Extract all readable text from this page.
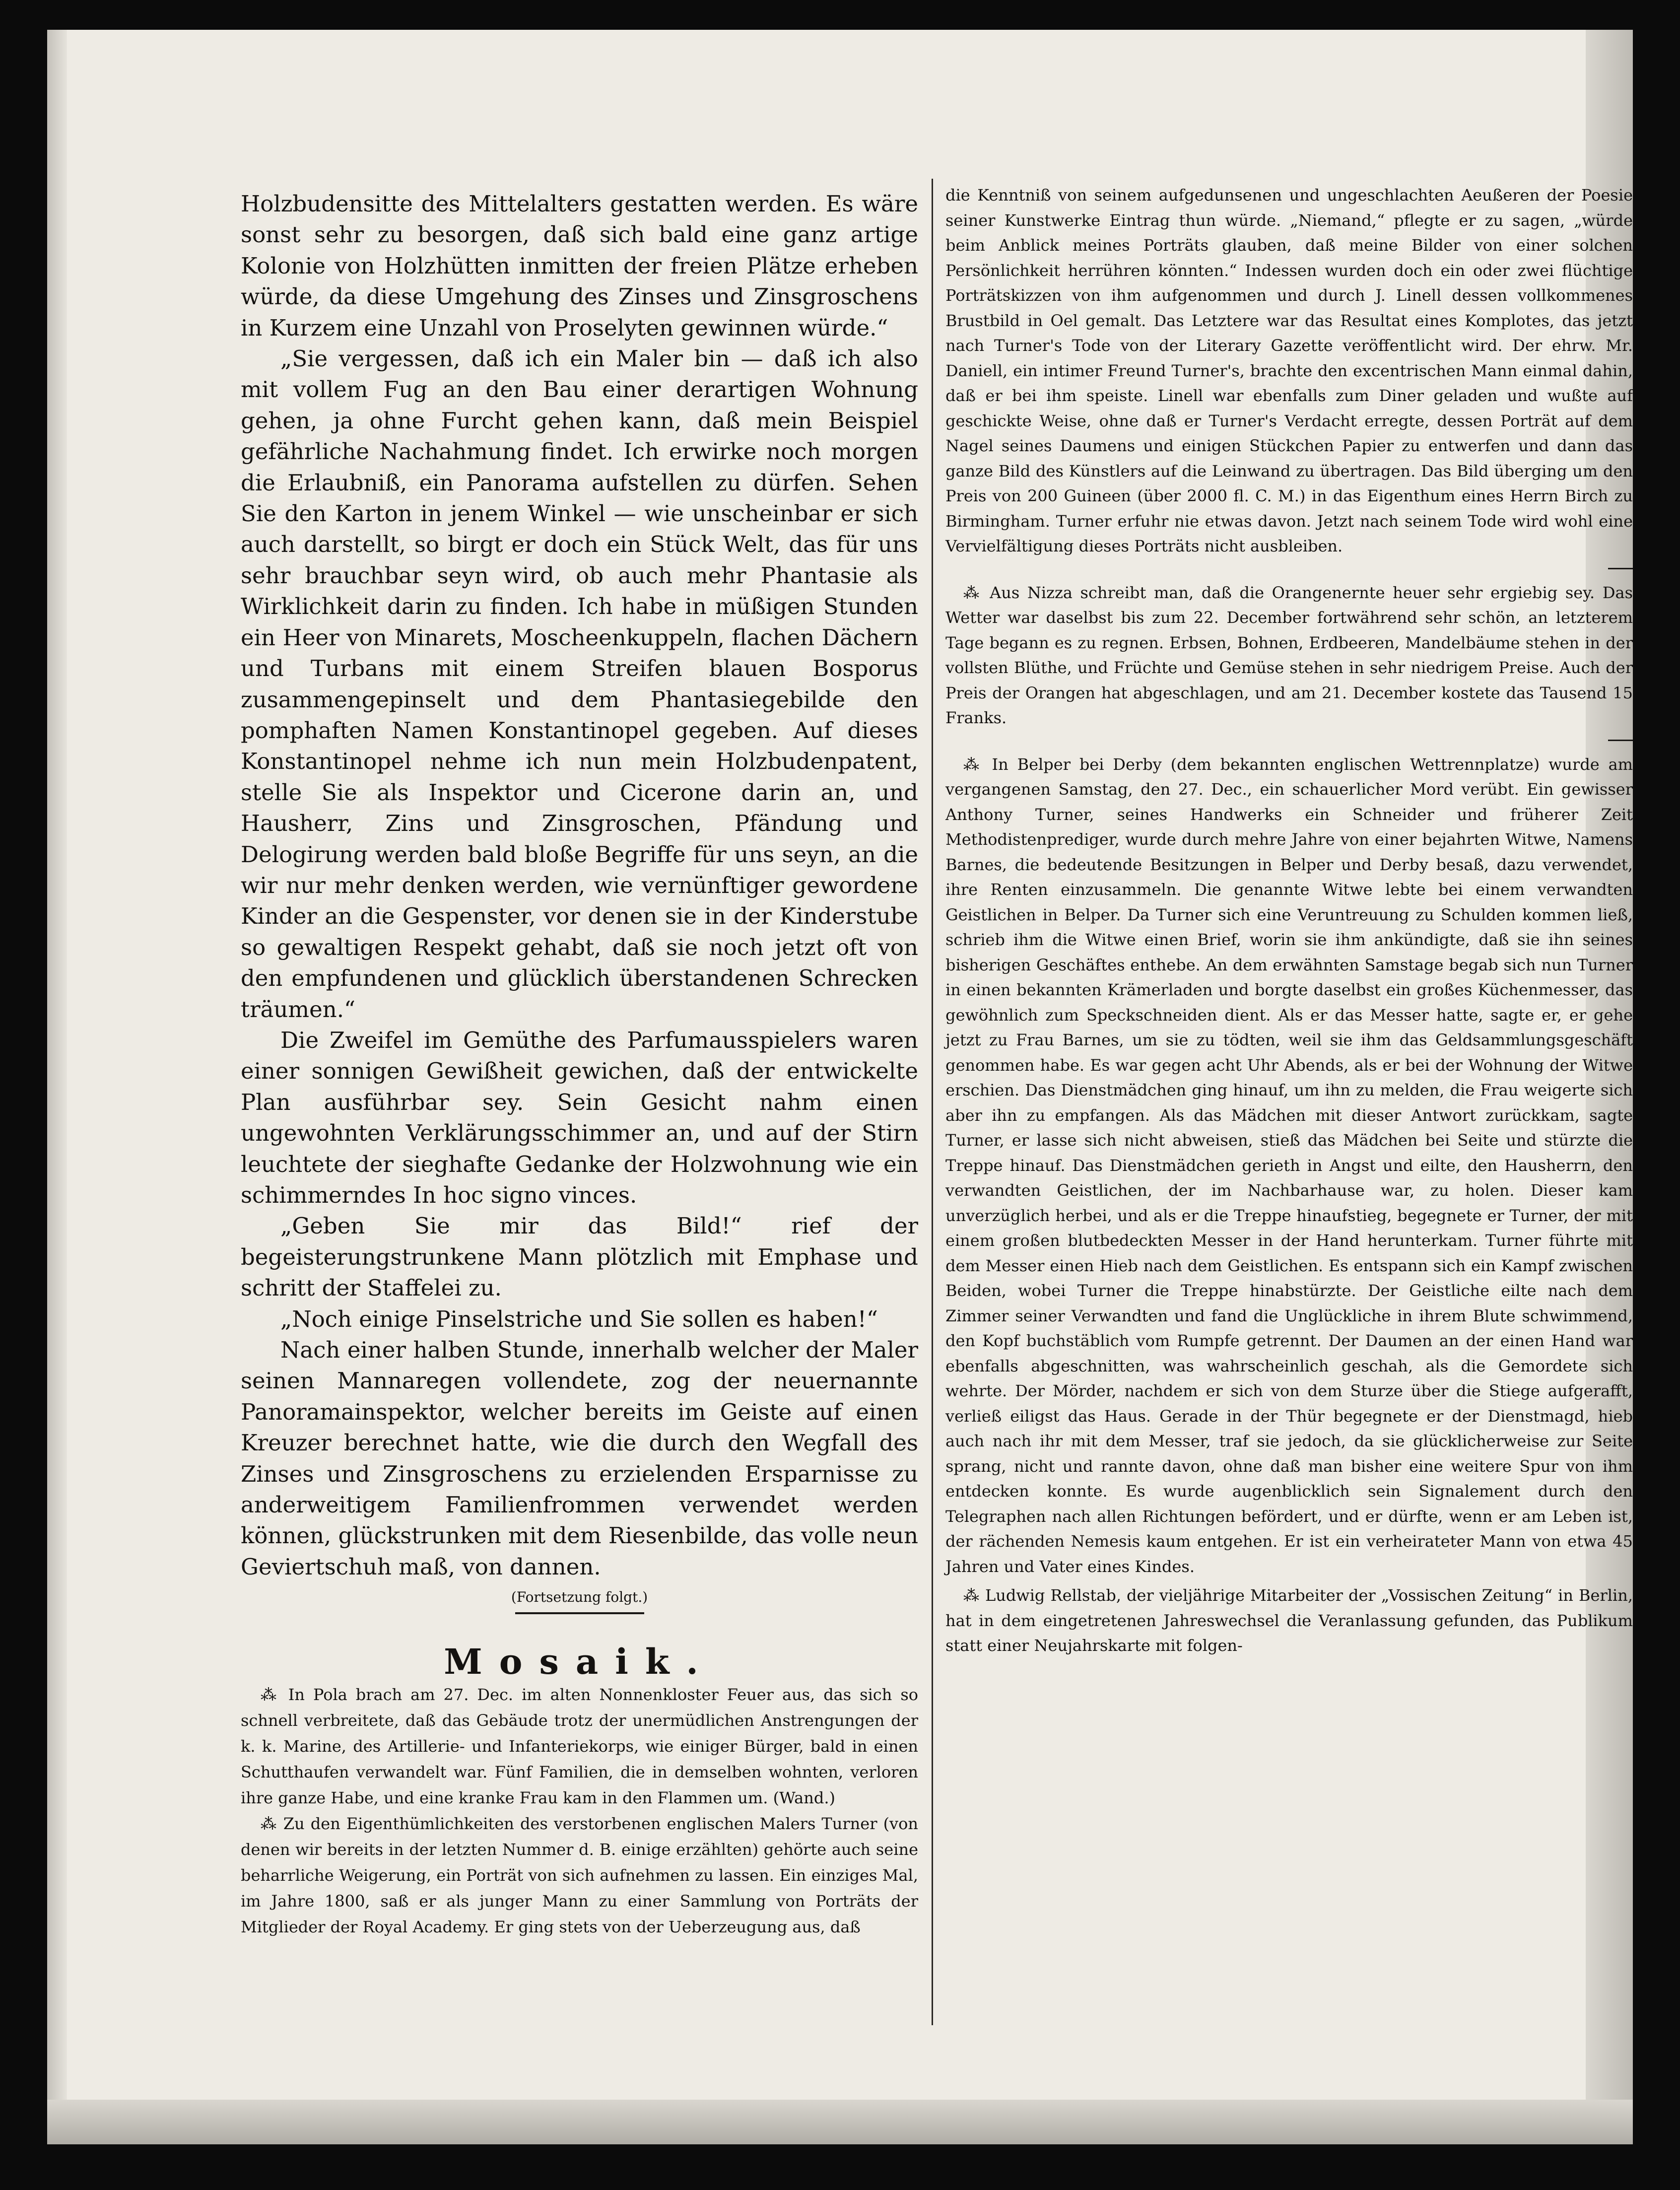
Holzbudensitte des Mittelalters gestatten werden. Es wäre sonst sehr zu besorgen, daß sich bald eine ganz artige Kolonie von Holzhütten inmitten der freien Plätze erheben würde, da diese Umgehung des Zinses und Zinsgroschens in Kurzem eine Unzahl von Proselyten gewinnen würde.“

„Sie vergessen, daß ich ein Maler bin — daß ich also mit vollem Fug an den Bau einer derartigen Wohnung gehen, ja ohne Furcht gehen kann, daß mein Beispiel gefährliche Nachahmung findet. Ich erwirke noch morgen die Erlaubniß, ein Panorama aufstellen zu dürfen. Sehen Sie den Karton in jenem Winkel — wie unscheinbar er sich auch darstellt, so birgt er doch ein Stück Welt, das für uns sehr brauchbar seyn wird, ob auch mehr Phantasie als Wirklichkeit darin zu finden. Ich habe in müßigen Stunden ein Heer von Minarets, Moscheenkuppeln, flachen Dächern und Turbans mit einem Streifen blauen Bosporus zusammengepinselt und dem Phantasiegebilde den pomphaften Namen Konstantinopel gegeben. Auf dieses Konstantinopel nehme ich nun mein Holzbudenpatent, stelle Sie als Inspektor und Cicerone darin an, und Hausherr, Zins und Zinsgroschen, Pfändung und Delogirung werden bald bloße Begriffe für uns seyn, an die wir nur mehr denken werden, wie vernünftiger gewordene Kinder an die Gespenster, vor denen sie in der Kinderstube so gewaltigen Respekt gehabt, daß sie noch jetzt oft von den empfundenen und glücklich überstandenen Schrecken träumen.“

Die Zweifel im Gemüthe des Parfumausspielers waren einer sonnigen Gewißheit gewichen, daß der entwickelte Plan ausführbar sey. Sein Gesicht nahm einen ungewohnten Verklärungsschimmer an, und auf der Stirn leuchtete der sieghafte Gedanke der Holzwohnung wie ein schimmerndes In hoc signo vinces.

„Geben Sie mir das Bild!“ rief der begeisterungstrunkene Mann plötzlich mit Emphase und schritt der Staffelei zu.

„Noch einige Pinselstriche und Sie sollen es haben!“

Nach einer halben Stunde, innerhalb welcher der Maler seinen Mannaregen vollendete, zog der neuernannte Panoramainspektor, welcher bereits im Geiste auf einen Kreuzer berechnet hatte, wie die durch den Wegfall des Zinses und Zinsgroschens zu erzielenden Ersparnisse zu anderweitigem Familienfrommen verwendet werden können, glückstrunken mit dem Riesenbilde, das volle neun Geviertschuh maß, von dannen.

(Fortsetzung folgt.)

Mosaik.

⁂ In Pola brach am 27. Dec. im alten Nonnenkloster Feuer aus, das sich so schnell verbreitete, daß das Gebäude trotz der unermüdlichen Anstrengungen der k. k. Marine, des Artillerie- und Infanteriekorps, wie einiger Bürger, bald in einen Schutthaufen verwandelt war. Fünf Familien, die in demselben wohnten, verloren ihre ganze Habe, und eine kranke Frau kam in den Flammen um. (Wand.)

⁂ Zu den Eigenthümlichkeiten des verstorbenen englischen Malers Turner (von denen wir bereits in der letzten Nummer d. B. einige erzählten) gehörte auch seine beharrliche Weigerung, ein Porträt von sich aufnehmen zu lassen. Ein einziges Mal, im Jahre 1800, saß er als junger Mann zu einer Sammlung von Porträts der Mitglieder der Royal Academy. Er ging stets von der Ueberzeugung aus, daß

die Kenntniß von seinem aufgedunsenen und ungeschlachten Aeußeren der Poesie seiner Kunstwerke Eintrag thun würde. „Niemand,“ pflegte er zu sagen, „würde beim Anblick meines Porträts glauben, daß meine Bilder von einer solchen Persönlichkeit herrühren könnten.“ Indessen wurden doch ein oder zwei flüchtige Porträtskizzen von ihm aufgenommen und durch J. Linell dessen vollkommenes Brustbild in Oel gemalt. Das Letztere war das Resultat eines Komplotes, das jetzt nach Turner's Tode von der Literary Gazette veröffentlicht wird. Der ehrw. Mr. Daniell, ein intimer Freund Turner's, brachte den excentrischen Mann einmal dahin, daß er bei ihm speiste. Linell war ebenfalls zum Diner geladen und wußte auf geschickte Weise, ohne daß er Turner's Verdacht erregte, dessen Porträt auf dem Nagel seines Daumens und einigen Stückchen Papier zu entwerfen und dann das ganze Bild des Künstlers auf die Leinwand zu übertragen. Das Bild überging um den Preis von 200 Guineen (über 2000 fl. C. M.) in das Eigenthum eines Herrn Birch zu Birmingham. Turner erfuhr nie etwas davon. Jetzt nach seinem Tode wird wohl eine Vervielfältigung dieses Porträts nicht ausbleiben.

⁂ Aus Nizza schreibt man, daß die Orangenernte heuer sehr ergiebig sey. Das Wetter war daselbst bis zum 22. December fortwährend sehr schön, an letzterem Tage begann es zu regnen. Erbsen, Bohnen, Erdbeeren, Mandelbäume stehen in der vollsten Blüthe, und Früchte und Gemüse stehen in sehr niedrigem Preise. Auch der Preis der Orangen hat abgeschlagen, und am 21. December kostete das Tausend 15 Franks.

⁂ In Belper bei Derby (dem bekannten englischen Wettrennplatze) wurde am vergangenen Samstag, den 27. Dec., ein schauerlicher Mord verübt. Ein gewisser Anthony Turner, seines Handwerks ein Schneider und früherer Zeit Methodistenprediger, wurde durch mehre Jahre von einer bejahrten Witwe, Namens Barnes, die bedeutende Besitzungen in Belper und Derby besaß, dazu verwendet, ihre Renten einzusammeln. Die genannte Witwe lebte bei einem verwandten Geistlichen in Belper. Da Turner sich eine Veruntreuung zu Schulden kommen ließ, schrieb ihm die Witwe einen Brief, worin sie ihm ankündigte, daß sie ihn seines bisherigen Geschäftes enthebe. An dem erwähnten Samstage begab sich nun Turner in einen bekannten Krämerladen und borgte daselbst ein großes Küchenmesser, das gewöhnlich zum Speckschneiden dient. Als er das Messer hatte, sagte er, er gehe jetzt zu Frau Barnes, um sie zu tödten, weil sie ihm das Geldsammlungsgeschäft genommen habe. Es war gegen acht Uhr Abends, als er bei der Wohnung der Witwe erschien. Das Dienstmädchen ging hinauf, um ihn zu melden, die Frau weigerte sich aber ihn zu empfangen. Als das Mädchen mit dieser Antwort zurückkam, sagte Turner, er lasse sich nicht abweisen, stieß das Mädchen bei Seite und stürzte die Treppe hinauf. Das Dienstmädchen gerieth in Angst und eilte, den Hausherrn, den verwandten Geistlichen, der im Nachbarhause war, zu holen. Dieser kam unverzüglich herbei, und als er die Treppe hinaufstieg, begegnete er Turner, der mit einem großen blutbedeckten Messer in der Hand herunterkam. Turner führte mit dem Messer einen Hieb nach dem Geistlichen. Es entspann sich ein Kampf zwischen Beiden, wobei Turner die Treppe hinabstürzte. Der Geistliche eilte nach dem Zimmer seiner Verwandten und fand die Unglückliche in ihrem Blute schwimmend, den Kopf buchstäblich vom Rumpfe getrennt. Der Daumen an der einen Hand war ebenfalls abgeschnitten, was wahrscheinlich geschah, als die Gemordete sich wehrte. Der Mörder, nachdem er sich von dem Sturze über die Stiege aufgerafft, verließ eiligst das Haus. Gerade in der Thür begegnete er der Dienstmagd, hieb auch nach ihr mit dem Messer, traf sie jedoch, da sie glücklicherweise zur Seite sprang, nicht und rannte davon, ohne daß man bisher eine weitere Spur von ihm entdecken konnte. Es wurde augenblicklich sein Signalement durch den Telegraphen nach allen Richtungen befördert, und er dürfte, wenn er am Leben ist, der rächenden Nemesis kaum entgehen. Er ist ein verheirateter Mann von etwa 45 Jahren und Vater eines Kindes.

⁂ Ludwig Rellstab, der vieljährige Mitarbeiter der „Vossischen Zeitung“ in Berlin, hat in dem eingetretenen Jahreswechsel die Veranlassung gefunden, das Publikum statt einer Neujahrskarte mit folgen-
